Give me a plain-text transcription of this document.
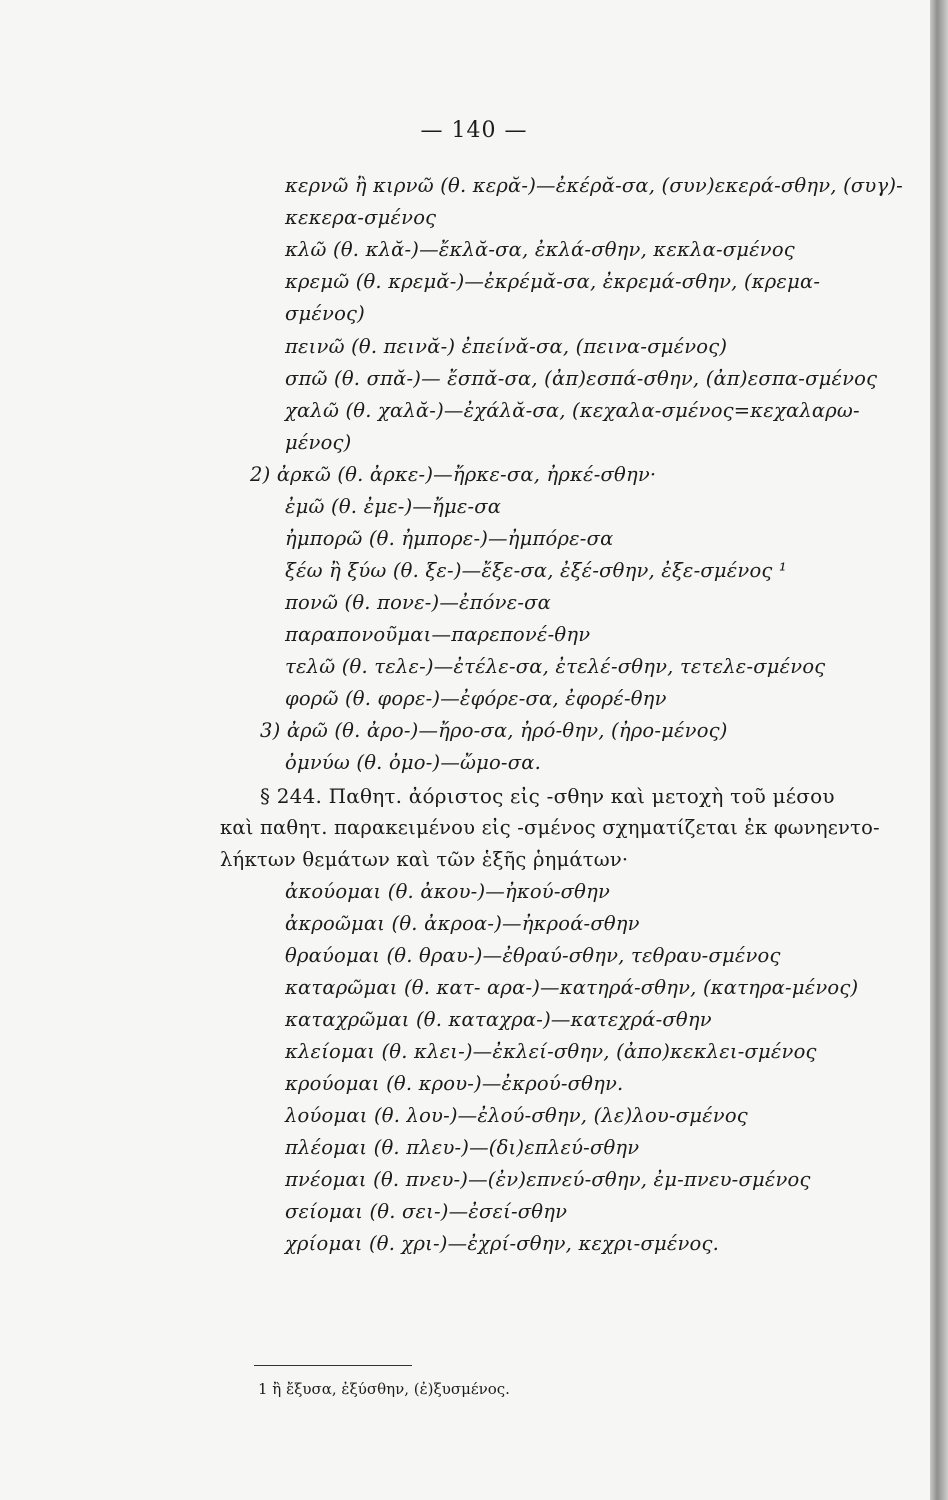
— 140 —
κερνῶ ἢ κιρνῶ (θ. κερᾰ-)—ἐκέρᾰ-σα, (συν)εκερά-σθην, (συγ)-
κεκερα-σμένος
κλῶ (θ. κλᾰ-)—ἔκλᾰ-σα, ἐκλά-σθην, κεκλα-σμένος
κρεμῶ (θ. κρεμᾰ-)—ἐκρέμᾰ-σα, ἐκρεμά-σθην, (κρεμα-
σμένος)
πεινῶ (θ. πεινᾰ-) ἐπείνᾰ-σα, (πεινα-σμένος)
σπῶ (θ. σπᾰ-)— ἔσπᾰ-σα, (ἀπ)εσπά-σθην, (ἀπ)εσπα-σμένος
χαλῶ (θ. χαλᾰ-)—ἐχάλᾰ-σα, (κεχαλα-σμένος=κεχαλαρω-
μένος)
2) ἀρκῶ (θ. ἀρκε-)—ἤρκε-σα, ἠρκέ-σθην·
ἐμῶ (θ. ἐμε-)—ἤμε-σα
ἠμπορῶ (θ. ἠμπορε-)—ἠμπόρε-σα
ξέω ἢ ξύω (θ. ξε-)—ἔξε-σα, ἐξέ-σθην, ἐξε-σμένος ¹
πονῶ (θ. πονε-)—ἐπόνε-σα
παραπονοῦμαι—παρεπονέ-θην
τελῶ (θ. τελε-)—ἐτέλε-σα, ἐτελέ-σθην, τετελε-σμένος
φορῶ (θ. φορε-)—ἐφόρε-σα, ἐφορέ-θην
3) ἀρῶ (θ. ἀρο-)—ἤρο-σα, ἠρό-θην, (ἠρο-μένος)
ὀμνύω (θ. ὀμο-)—ὤμο-σα.
§ 244. Παθητ. ἀόριστος εἰς -σθην καὶ μετοχὴ τοῦ μέσου
καὶ παθητ. παρακειμένου εἰς -σμένος σχηματίζεται ἐκ φωνηεντο-
λήκτων θεμάτων καὶ τῶν ἑξῆς ῥημάτων·
ἀκούομαι (θ. ἀκου-)—ἠκού-σθην
ἀκροῶμαι (θ. ἀκροα-)—ἠκροά-σθην
θραύομαι (θ. θραυ-)—ἐθραύ-σθην, τεθραυ-σμένος
καταρῶμαι (θ. κατ- αρα-)—κατηρά-σθην, (κατηρα-μένος)
καταχρῶμαι (θ. καταχρα-)—κατεχρά-σθην
κλείομαι (θ. κλει-)—ἐκλεί-σθην, (ἀπο)κεκλει-σμένος
κρούομαι (θ. κρου-)—ἐκρού-σθην.
λούομαι (θ. λου-)—ἐλού-σθην, (λε)λου-σμένος
πλέομαι (θ. πλευ-)—(δι)επλεύ-σθην
πνέομαι (θ. πνευ-)—(ἐν)επνεύ-σθην, ἐμ-πνευ-σμένος
σείομαι (θ. σει-)—ἐσεί-σθην
χρίομαι (θ. χρι-)—ἐχρί-σθην, κεχρι-σμένος.
1 ἢ ἔξυσα, ἐξύσθην, (ἐ)ξυσμένος.
